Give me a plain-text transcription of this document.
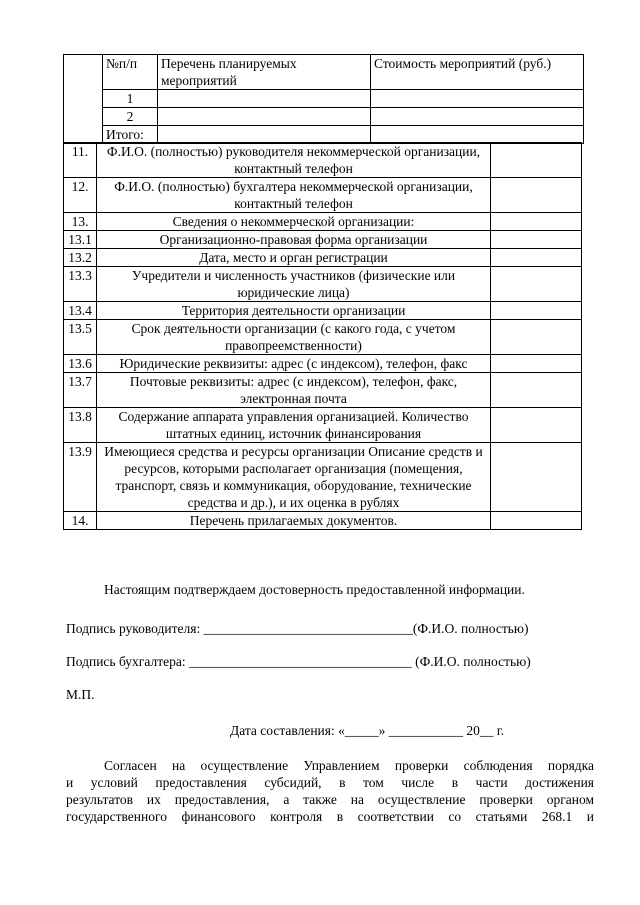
	№п/п	Перечень планируемых мероприятий	Стоимость мероприятий (руб.)
	1		
	2		
	Итого:		
11.	Ф.И.О. (полностью) руководителя некоммерческой организации, контактный телефон	
12.	Ф.И.О. (полностью) бухгалтера некоммерческой организации, контактный телефон	
13.	Сведения о некоммерческой организации:	
13.1	Организационно-правовая форма организации	
13.2	Дата, место и орган регистрации	
13.3	Учредители и численность участников (физические или юридические лица)	
13.4	Территория деятельности организации	
13.5	Срок деятельности организации (с какого года, с учетом правопреемственности)	
13.6	Юридические реквизиты: адрес (с индексом), телефон, факс	
13.7	Почтовые реквизиты: адрес (с индексом), телефон, факс, электронная почта	
13.8	Содержание аппарата управления организацией. Количество штатных единиц, источник финансирования	
13.9	Имеющиеся средства и ресурсы организации Описание средств и ресурсов, которыми располагает организация (помещения, транспорт, связь и коммуникация, оборудование, технические средства и др.), и их оценка в рублях	
14.	Перечень прилагаемых документов.	
Настоящим подтверждаем достоверность предоставленной информации.
Подпись руководителя: _______________________________(Ф.И.О. полностью)
Подпись бухгалтера: _________________________________ (Ф.И.О. полностью)
М.П.
Дата составления: «_____» ___________ 20__ г.
Согласен на осуществление Управлением проверки соблюдения порядка
и условий предоставления субсидий, в том числе в части достижения
результатов их предоставления, а также на осуществление проверки органом
государственного финансового контроля в соответствии со статьями 268.1 и
